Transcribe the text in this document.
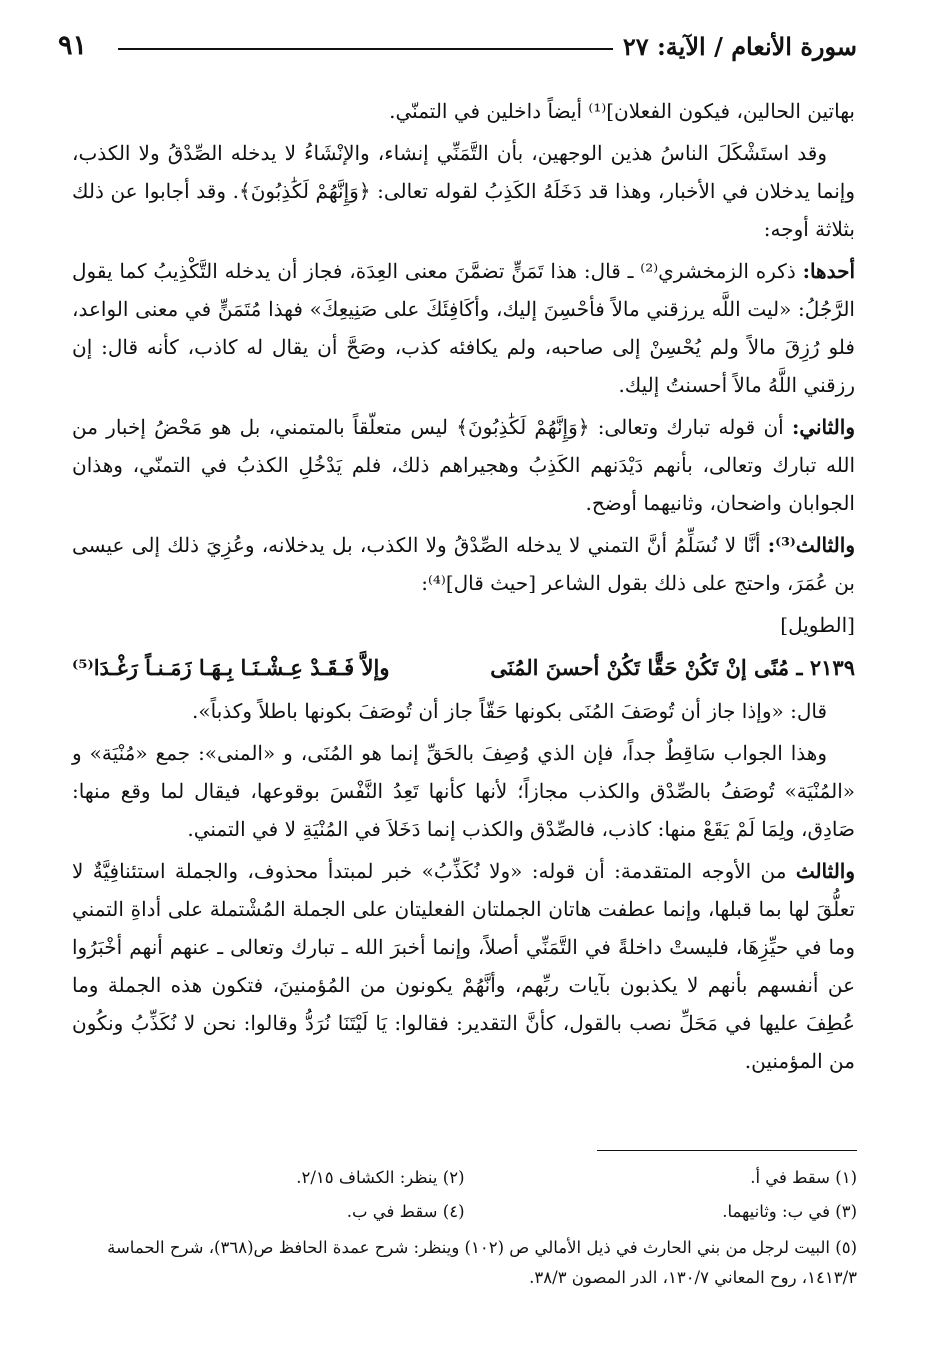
سورة الأنعام / الآية: ٢٧
٩١

بهاتين الحالين، فيكون الفعلان]⁽¹⁾ أيضاً داخلين في التمنّي.

وقد استَشْكَلَ الناسُ هذين الوجهين، بأن التَّمَنِّي إنشاء، والإنْشَاءُ لا يدخله الصِّدْقُ ولا الكذب، وإنما يدخلان في الأخبار، وهذا قد دَخَلَهُ الكَذِبُ لقوله تعالى: ﴿وَإِنَّهُمْ لَكَٰذِبُونَ﴾. وقد أجابوا عن ذلك بثلاثة أوجه:

أحدها: ذكره الزمخشري⁽²⁾ ـ قال: هذا تَمَنٍّ تضمَّنَ معنى العِدَة، فجاز أن يدخله التَّكْذِيبُ كما يقول الرَّجُلُ: «ليت اللَّه يرزقني مالاً فأحْسِنَ إليك، وأكَافِئَكَ على صَنِيعِكَ» فهذا مُتَمَنٍّ في معنى الواعد، فلو رُزِقَ مالاً ولم يُحْسِنْ إلى صاحبه، ولم يكافئه كذب، وصَحَّ أن يقال له كاذب، كأنه قال: إن رزقني اللَّهُ مالاً أحسنتُ إليك.

والثاني: أن قوله تبارك وتعالى: ﴿وَإِنَّهُمْ لَكَٰذِبُونَ﴾ ليس متعلّقاً بالمتمني، بل هو مَحْضُ إخبار من الله تبارك وتعالى، بأنهم دَيْدَنهم الكَذِبُ وهجيراهم ذلك، فلم يَدْخُلِ الكذبُ في التمنّي، وهذان الجوابان واضحان، وثانيهما أوضح.

والثالث⁽³⁾: أنَّا لا نُسَلِّمُ أنَّ التمني لا يدخله الصِّدْقُ ولا الكذب، بل يدخلانه، وعُزِيَ ذلك إلى عيسى بن عُمَرَ، واحتج على ذلك بقول الشاعر [حيث قال]⁽⁴⁾:

[الطويل]

٢١٣٩ ـ مُنًى إنْ تَكُنْ حَقًّا تَكُنْ أحسنَ المُنَى
وإلاَّ فَـقَـدْ عِـشْـنَـا بِـهَـا زَمَـنـاً رَغْـدَا⁽⁵⁾

قال: «وإذا جاز أن تُوصَفَ المُنَى بكونها حَقّاً جاز أن تُوصَفَ بكونها باطلاً وكذباً».

وهذا الجواب سَاقِطٌ جداً، فإن الذي وُصِفَ بالحَقِّ إنما هو المُنَى، و «المنى»: جمع «مُنْيَة» و «المُنْيَة» تُوصَفُ بالصِّدْق والكذب مجازاً؛ لأنها كأنها تَعِدُ النَّفْسَ بوقوعها، فيقال لما وقع منها: صَادِق، ولِمَا لَمْ يَقَعْ منها: كاذب، فالصِّدْق والكذب إنما دَخَلاَ في المُنْيَةِ لا في التمني.

والثالث من الأوجه المتقدمة: أن قوله: «ولا نُكَذِّبُ» خبر لمبتدأ محذوف، والجملة استئنافِيَّةٌ لا تعلُّقَ لها بما قبلها، وإنما عطفت هاتان الجملتان الفعليتان على الجملة المُشْتملة على أداةِ التمني وما في حيِّزِهَا، فليستْ داخلةً في التَّمَنِّي أصلاً، وإنما أخبرَ الله ـ تبارك وتعالى ـ عنهم أنهم أخْبَرُوا عن أنفسهم بأنهم لا يكذبون بآيات ربِّهم، وأنَّهُمْ يكونون من المُؤمنينَ، فتكون هذه الجملة وما عُطِفَ عليها في مَحَلِّ نصب بالقول، كأنَّ التقدير: فقالوا: يَا لَيْتَنَا نُرَدُّ وقالوا: نحن لا نُكَذِّبُ ونكُون من المؤمنين.

(١) سقط في أ.
(٢) ينظر: الكشاف ٢/١٥.
(٣) في ب: وثانيهما.
(٤) سقط في ب.
(٥) البيت لرجل من بني الحارث في ذيل الأمالي ص (١٠٢) وينظر: شرح عمدة الحافظ ص(٣٦٨)، شرح الحماسة ١٤١٣/٣، روح المعاني ١٣٠/٧، الدر المصون ٣٨/٣.
